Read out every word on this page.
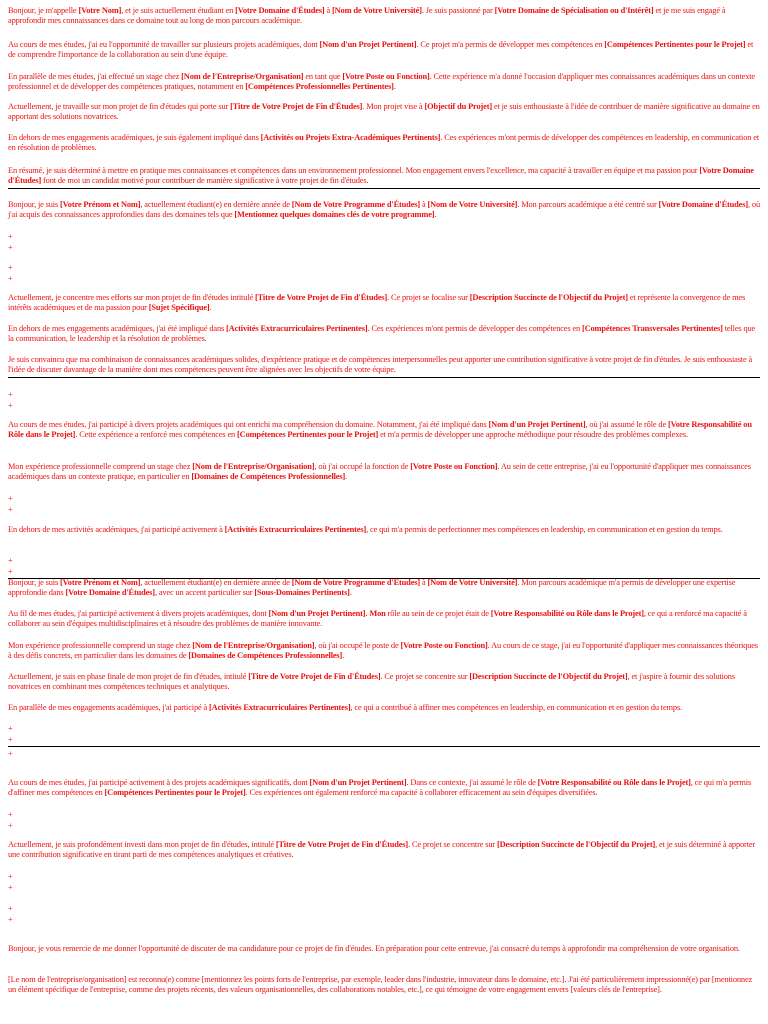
Bonjour, je m'appelle [Votre Nom], et je suis actuellement étudiant en [Votre Domaine d'Études] à [Nom de Votre Université]. Je suis passionné par [Votre Domaine de Spécialisation ou d'Intérêt] et je me suis engagé à approfondir mes connaissances dans ce domaine tout au long de mon parcours académique.

Au cours de mes études, j'ai eu l'opportunité de travailler sur plusieurs projets académiques, dont [Nom d'un Projet Pertinent]. Ce projet m'a permis de développer mes compétences en [Compétences Pertinentes pour le Projet] et de comprendre l'importance de la collaboration au sein d'une équipe.

En parallèle de mes études, j'ai effectué un stage chez [Nom de l'Entreprise/Organisation] en tant que [Votre Poste ou Fonction]. Cette expérience m'a donné l'occasion d'appliquer mes connaissances académiques dans un contexte professionnel et de développer des compétences pratiques, notamment en [Compétences Professionnelles Pertinentes].

Actuellement, je travaille sur mon projet de fin d'études qui porte sur [Titre de Votre Projet de Fin d'Études]. Mon projet vise à [Objectif du Projet] et je suis enthousiaste à l'idée de contribuer de manière significative au domaine en apportant des solutions novatrices.

En dehors de mes engagements académiques, je suis également impliqué dans [Activités ou Projets Extra-Académiques Pertinents]. Ces expériences m'ont permis de développer des compétences en leadership, en communication et en résolution de problèmes.

En résumé, je suis déterminé à mettre en pratique mes connaissances et compétences dans un environnement professionnel. Mon engagement envers l'excellence, ma capacité à travailler en équipe et ma passion pour [Votre Domaine d'Études] font de moi un candidat motivé pour contribuer de manière significative à votre projet de fin d'études.

Bonjour, je suis [Votre Prénom et Nom], actuellement étudiant(e) en dernière année de [Nom de Votre Programme d'Études] à [Nom de Votre Université]. Mon parcours académique a été centré sur [Votre Domaine d'Études], où j'ai acquis des connaissances approfondies dans des domaines tels que [Mentionnez quelques domaines clés de votre programme].

+

+

+

+

Actuellement, je concentre mes efforts sur mon projet de fin d'études intitulé [Titre de Votre Projet de Fin d'Études]. Ce projet se focalise sur [Description Succincte de l'Objectif du Projet] et représente la convergence de mes intérêts académiques et de ma passion pour [Sujet Spécifique].

En dehors de mes engagements académiques, j'ai été impliqué dans [Activités Extracurriculaires Pertinentes]. Ces expériences m'ont permis de développer des compétences en [Compétences Transversales Pertinentes] telles que la communication, le leadership et la résolution de problèmes.

Je suis convaincu que ma combinaison de connaissances académiques solides, d'expérience pratique et de compétences interpersonnelles peut apporter une contribution significative à votre projet de fin d'études. Je suis enthousiaste à l'idée de discuter davantage de la manière dont mes compétences peuvent être alignées avec les objectifs de votre équipe.

+

+

Au cours de mes études, j'ai participé à divers projets académiques qui ont enrichi ma compréhension du domaine. Notamment, j'ai été impliqué dans [Nom d'un Projet Pertinent], où j'ai assumé le rôle de [Votre Responsabilité ou Rôle dans le Projet]. Cette expérience a renforcé mes compétences en [Compétences Pertinentes pour le Projet] et m'a permis de développer une approche méthodique pour résoudre des problèmes complexes.

Mon expérience professionnelle comprend un stage chez [Nom de l'Entreprise/Organisation], où j'ai occupé la fonction de [Votre Poste ou Fonction]. Au sein de cette entreprise, j'ai eu l'opportunité d'appliquer mes connaissances académiques dans un contexte pratique, en particulier en [Domaines de Compétences Professionnelles].

+

+

En dehors de mes activités académiques, j'ai participé activement à [Activités Extracurriculaires Pertinentes], ce qui m'a permis de perfectionner mes compétences en leadership, en communication et en gestion du temps.

+

+

Bonjour, je suis [Votre Prénom et Nom], actuellement étudiant(e) en dernière année de [Nom de Votre Programme d'Études] à [Nom de Votre Université]. Mon parcours académique m'a permis de développer une expertise approfondie dans [Votre Domaine d'Études], avec un accent particulier sur [Sous-Domaines Pertinents].

Au fil de mes études, j'ai participé activement à divers projets académiques, dont [Nom d'un Projet Pertinent]. Mon rôle au sein de ce projet était de [Votre Responsabilité ou Rôle dans le Projet], ce qui a renforcé ma capacité à collaborer au sein d'équipes multidisciplinaires et à résoudre des problèmes de manière innovante.

Mon expérience professionnelle comprend un stage chez [Nom de l'Entreprise/Organisation], où j'ai occupé le poste de [Votre Poste ou Fonction]. Au cours de ce stage, j'ai eu l'opportunité d'appliquer mes connaissances théoriques à des défis concrets, en particulier dans les domaines de [Domaines de Compétences Professionnelles].

Actuellement, je suis en phase finale de mon projet de fin d'études, intitulé [Titre de Votre Projet de Fin d'Études]. Ce projet se concentre sur [Description Succincte de l'Objectif du Projet], et j'aspire à fournir des solutions novatrices en combinant mes compétences techniques et analytiques.

En parallèle de mes engagements académiques, j'ai participé à [Activités Extracurriculaires Pertinentes], ce qui a contribué à affiner mes compétences en leadership, en communication et en gestion du temps.

+

+

+

Au cours de mes études, j'ai participé activement à des projets académiques significatifs, dont [Nom d'un Projet Pertinent]. Dans ce contexte, j'ai assumé le rôle de [Votre Responsabilité ou Rôle dans le Projet], ce qui m'a permis d'affiner mes compétences en [Compétences Pertinentes pour le Projet]. Ces expériences ont également renforcé ma capacité à collaborer efficacement au sein d'équipes diversifiées.

+

+

Actuellement, je suis profondément investi dans mon projet de fin d'études, intitulé [Titre de Votre Projet de Fin d'Études]. Ce projet se concentre sur [Description Succincte de l'Objectif du Projet], et je suis déterminé à apporter une contribution significative en tirant parti de mes compétences analytiques et créatives.

+

+

+

+

Bonjour, je vous remercie de me donner l'opportunité de discuter de ma candidature pour ce projet de fin d'études. En préparation pour cette entrevue, j'ai consacré du temps à approfondir ma compréhension de votre organisation.

[Le nom de l'entreprise/organisation] est reconnu(e) comme [mentionnez les points forts de l'entreprise, par exemple, leader dans l'industrie, innovateur dans le domaine, etc.]. J'ai été particulièrement impressionné(e) par [mentionnez un élément spécifique de l'entreprise, comme des projets récents, des valeurs organisationnelles, des collaborations notables, etc.], ce qui témoigne de votre engagement envers [valeurs clés de l'entreprise].
